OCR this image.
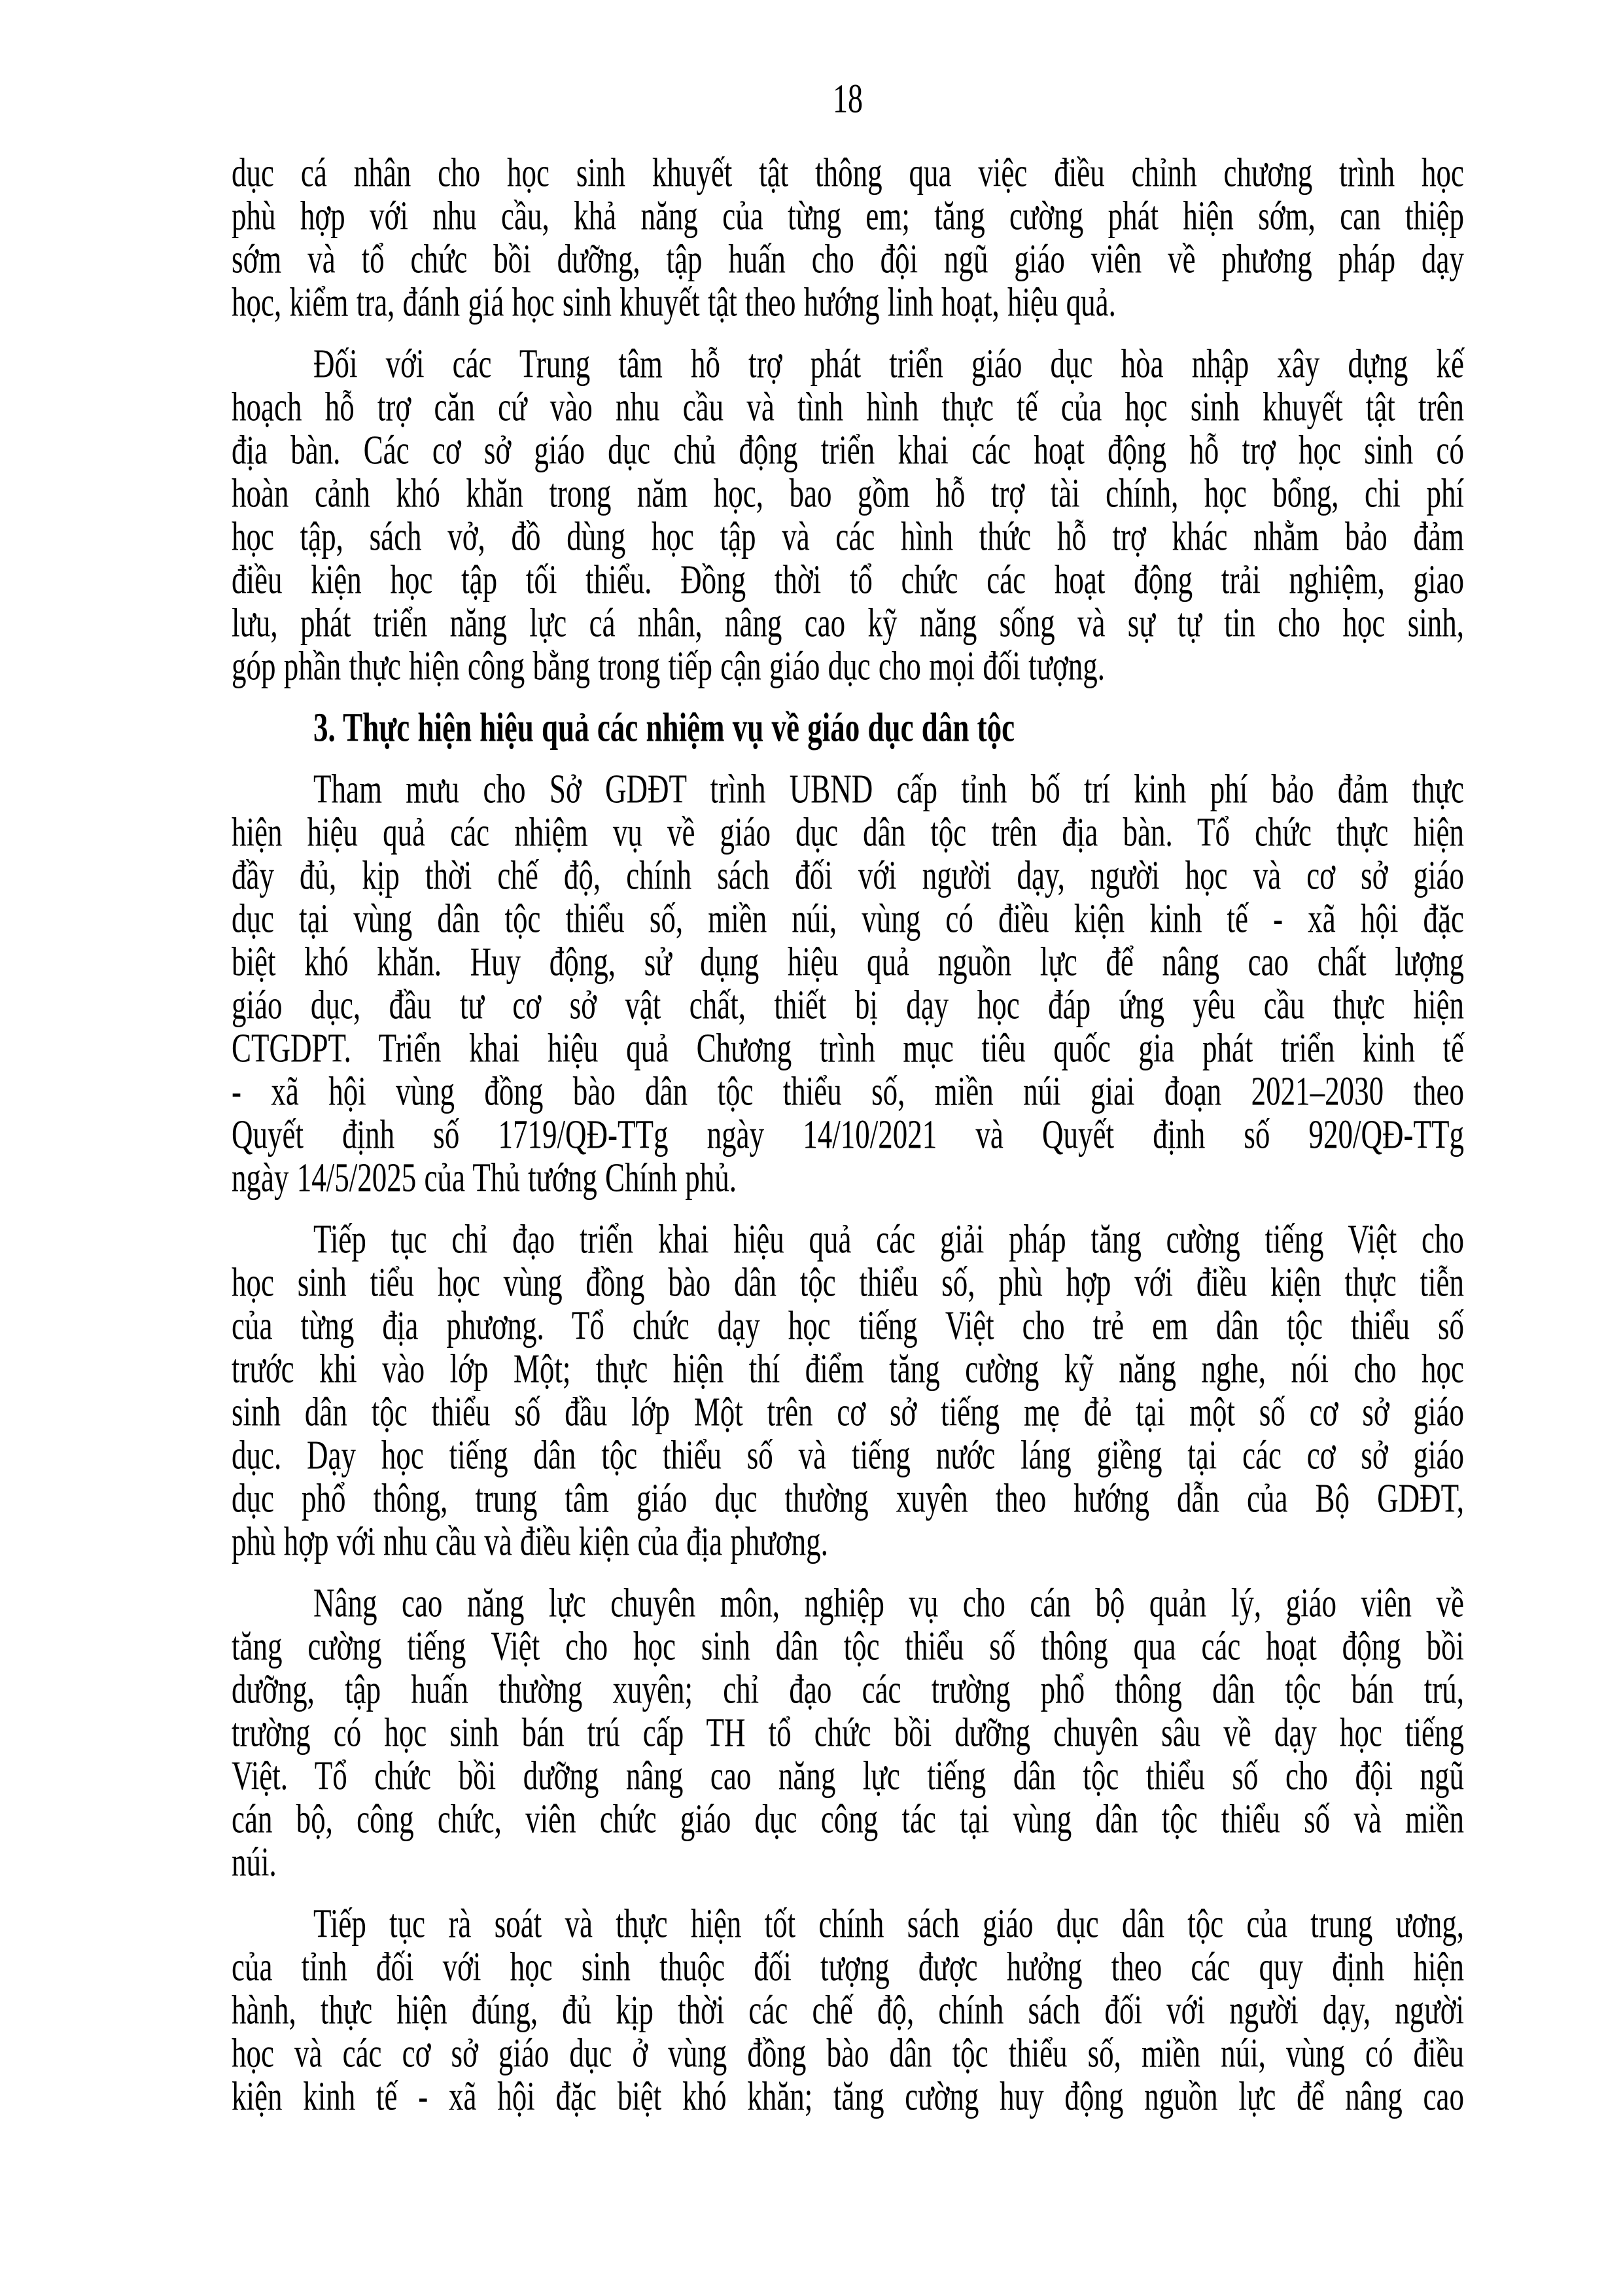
18
dục cá nhân cho học sinh khuyết tật thông qua việc điều chỉnh chương trình học
phù hợp với nhu cầu, khả năng của từng em; tăng cường phát hiện sớm, can thiệp
sớm và tổ chức bồi dưỡng, tập huấn cho đội ngũ giáo viên về phương pháp dạy
học, kiểm tra, đánh giá học sinh khuyết tật theo hướng linh hoạt, hiệu quả.
Đối với các Trung tâm hỗ trợ phát triển giáo dục hòa nhập xây dựng kế
hoạch hỗ trợ căn cứ vào nhu cầu và tình hình thực tế của học sinh khuyết tật trên
địa bàn. Các cơ sở giáo dục chủ động triển khai các hoạt động hỗ trợ học sinh có
hoàn cảnh khó khăn trong năm học, bao gồm hỗ trợ tài chính, học bổng, chi phí
học tập, sách vở, đồ dùng học tập và các hình thức hỗ trợ khác nhằm bảo đảm
điều kiện học tập tối thiểu. Đồng thời tổ chức các hoạt động trải nghiệm, giao
lưu, phát triển năng lực cá nhân, nâng cao kỹ năng sống và sự tự tin cho học sinh,
góp phần thực hiện công bằng trong tiếp cận giáo dục cho mọi đối tượng.
3. Thực hiện hiệu quả các nhiệm vụ về giáo dục dân tộc
Tham mưu cho Sở GDĐT trình UBND cấp tỉnh bố trí kinh phí bảo đảm thực
hiện hiệu quả các nhiệm vụ về giáo dục dân tộc trên địa bàn. Tổ chức thực hiện
đầy đủ, kịp thời chế độ, chính sách đối với người dạy, người học và cơ sở giáo
dục tại vùng dân tộc thiểu số, miền núi, vùng có điều kiện kinh tế - xã hội đặc
biệt khó khăn. Huy động, sử dụng hiệu quả nguồn lực để nâng cao chất lượng
giáo dục, đầu tư cơ sở vật chất, thiết bị dạy học đáp ứng yêu cầu thực hiện
CTGDPT. Triển khai hiệu quả Chương trình mục tiêu quốc gia phát triển kinh tế
- xã hội vùng đồng bào dân tộc thiểu số, miền núi giai đoạn 2021–2030 theo
Quyết định số 1719/QĐ-TTg ngày 14/10/2021 và Quyết định số 920/QĐ-TTg
ngày 14/5/2025 của Thủ tướng Chính phủ.
Tiếp tục chỉ đạo triển khai hiệu quả các giải pháp tăng cường tiếng Việt cho
học sinh tiểu học vùng đồng bào dân tộc thiểu số, phù hợp với điều kiện thực tiễn
của từng địa phương. Tổ chức dạy học tiếng Việt cho trẻ em dân tộc thiểu số
trước khi vào lớp Một; thực hiện thí điểm tăng cường kỹ năng nghe, nói cho học
sinh dân tộc thiểu số đầu lớp Một trên cơ sở tiếng mẹ đẻ tại một số cơ sở giáo
dục. Dạy học tiếng dân tộc thiểu số và tiếng nước láng giềng tại các cơ sở giáo
dục phổ thông, trung tâm giáo dục thường xuyên theo hướng dẫn của Bộ GDĐT,
phù hợp với nhu cầu và điều kiện của địa phương.
Nâng cao năng lực chuyên môn, nghiệp vụ cho cán bộ quản lý, giáo viên về
tăng cường tiếng Việt cho học sinh dân tộc thiểu số thông qua các hoạt động bồi
dưỡng, tập huấn thường xuyên; chỉ đạo các trường phổ thông dân tộc bán trú,
trường có học sinh bán trú cấp TH tổ chức bồi dưỡng chuyên sâu về dạy học tiếng
Việt. Tổ chức bồi dưỡng nâng cao năng lực tiếng dân tộc thiểu số cho đội ngũ
cán bộ, công chức, viên chức giáo dục công tác tại vùng dân tộc thiểu số và miền
núi.
Tiếp tục rà soát và thực hiện tốt chính sách giáo dục dân tộc của trung ương,
của tỉnh đối với học sinh thuộc đối tượng được hưởng theo các quy định hiện
hành, thực hiện đúng, đủ kịp thời các chế độ, chính sách đối với người dạy, người
học và các cơ sở giáo dục ở vùng đồng bào dân tộc thiểu số, miền núi, vùng có điều
kiện kinh tế - xã hội đặc biệt khó khăn; tăng cường huy động nguồn lực để nâng cao
